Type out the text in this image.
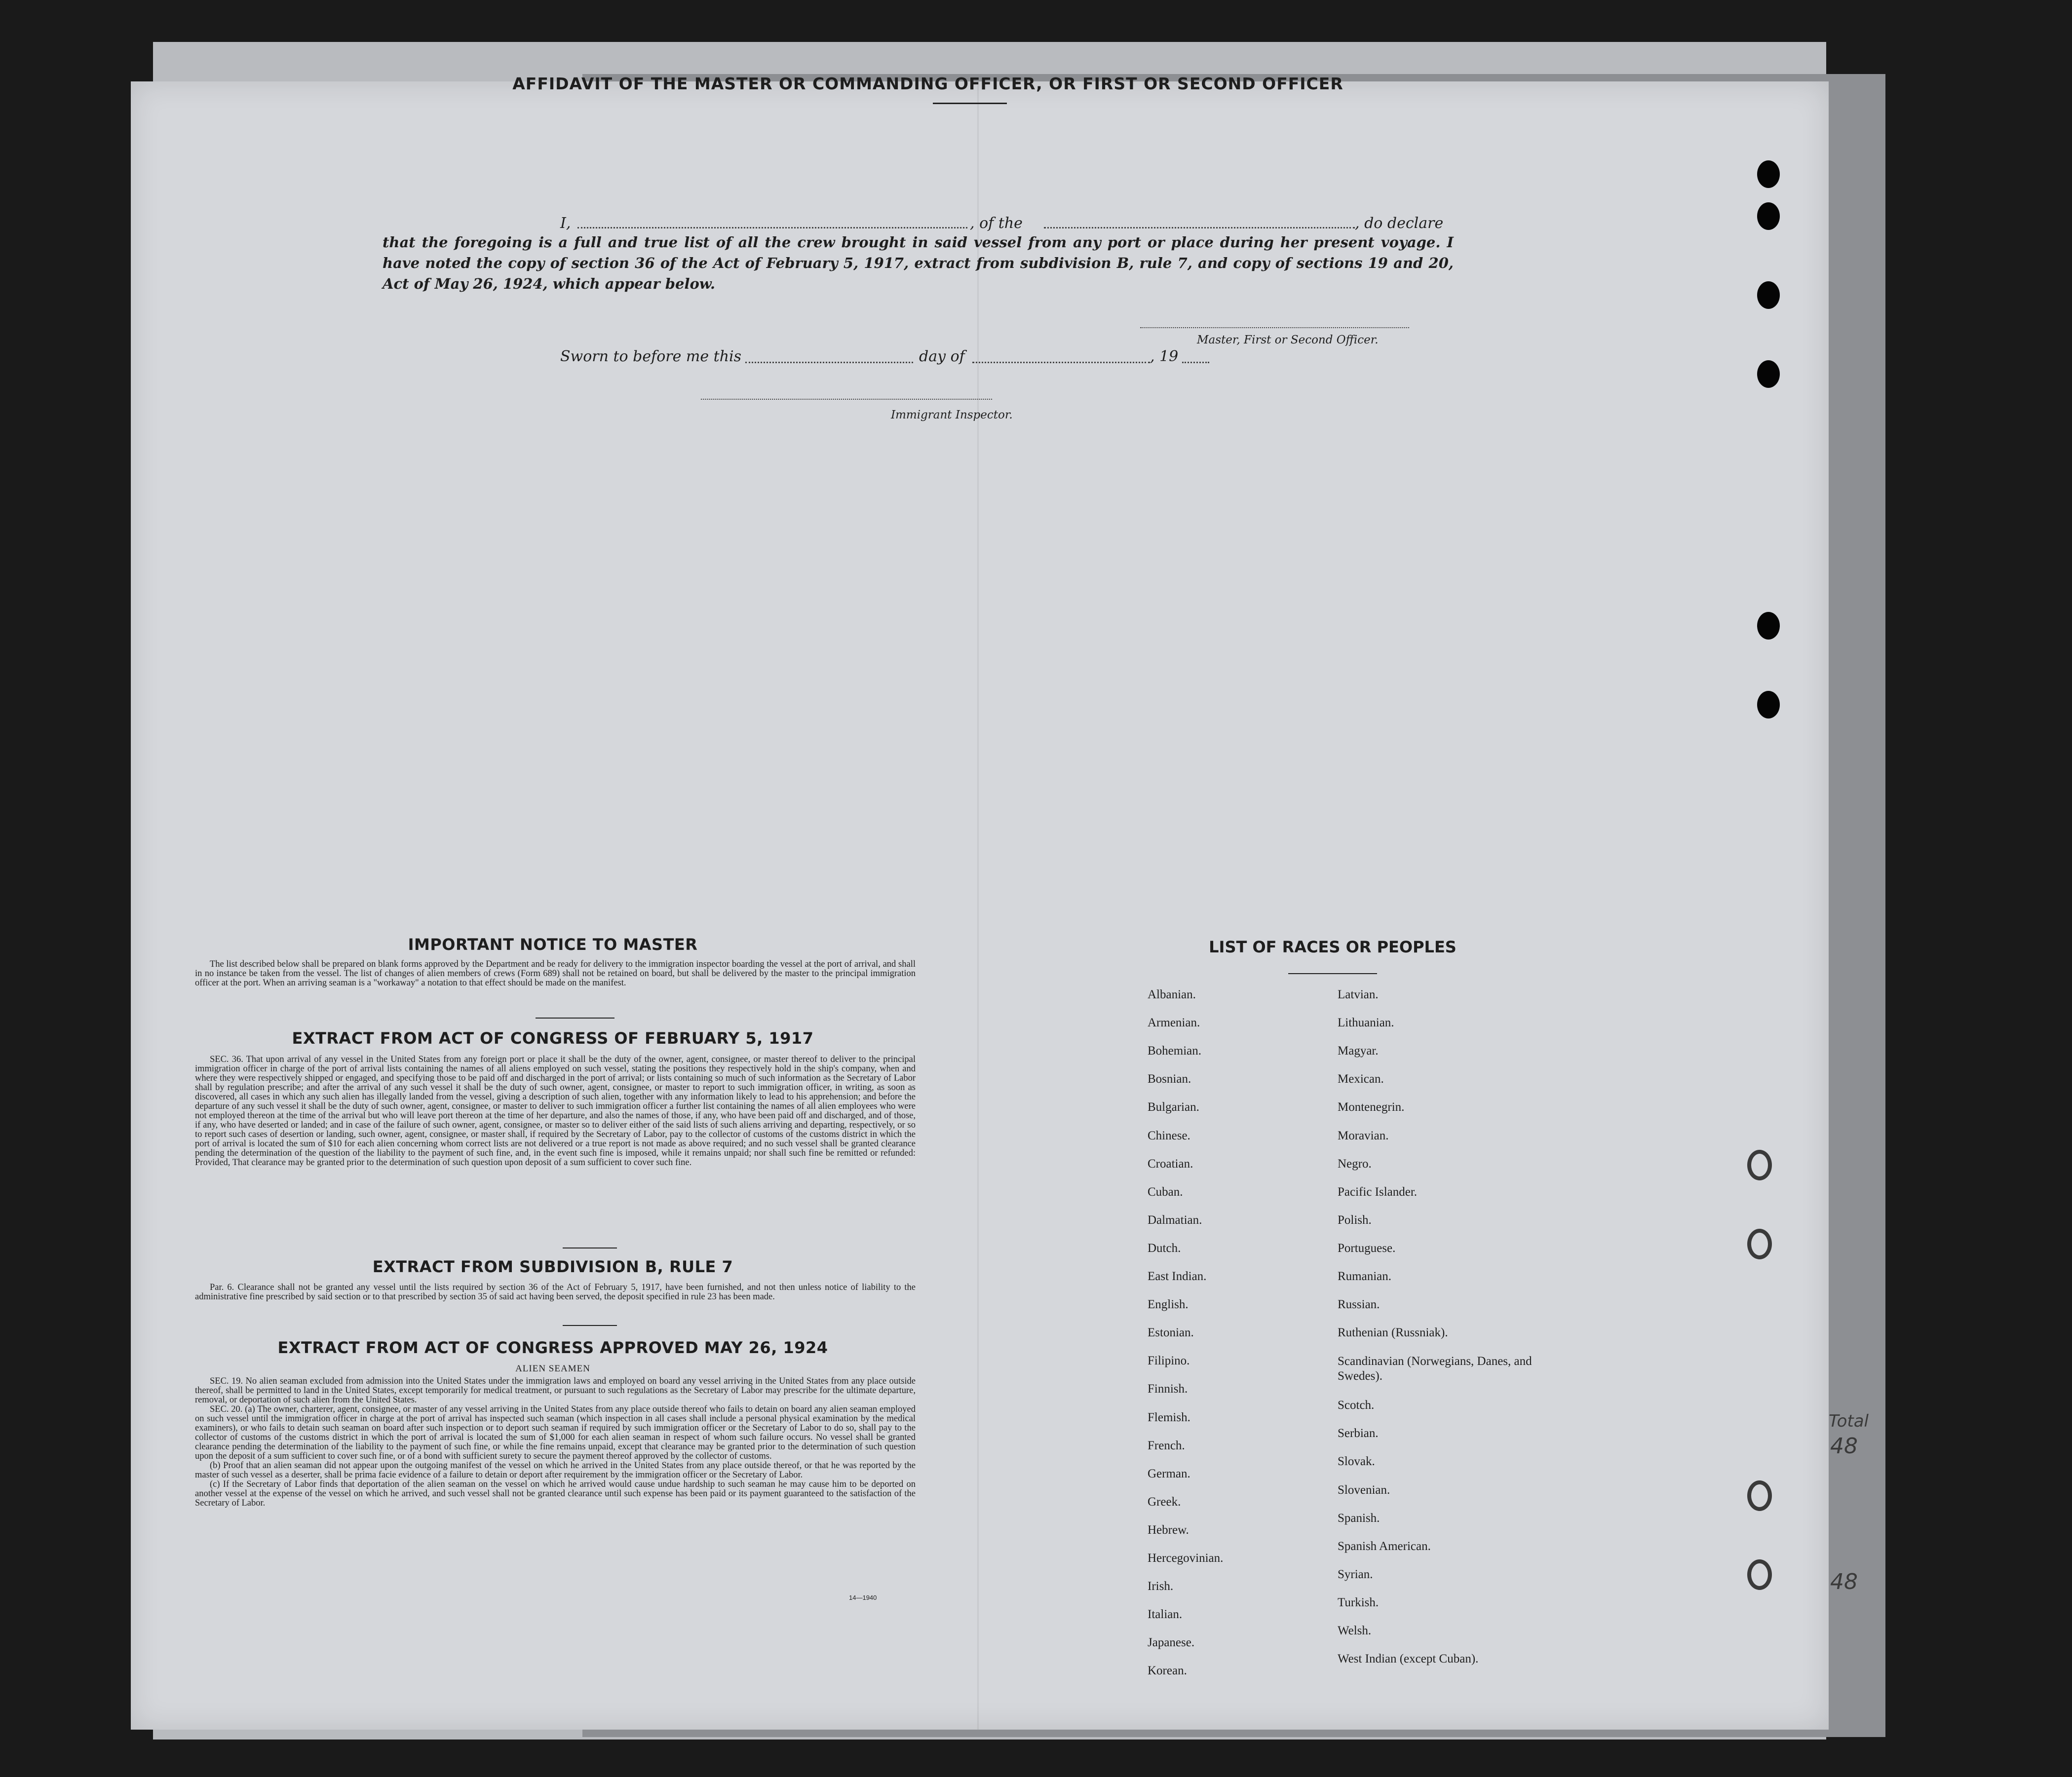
Total
48
48
AFFIDAVIT OF THE MASTER OR COMMANDING OFFICER, OR FIRST OR SECOND OFFICER
I,	, of the	, do declare
that the foregoing is a full and true list of all the crew brought in said vessel from any port or place during her present voyage. I have noted the copy of section 36 of the Act of February 5, 1917, extract from subdivision B, rule 7, and copy of sections 19 and 20, Act of May 26, 1924, which appear below.
Master, First or Second Officer.
Sworn to before me this	day of	, 19
Immigrant Inspector.
IMPORTANT NOTICE TO MASTER

The list described below shall be prepared on blank forms approved by the Department and be ready for delivery to the immigration inspector boarding the vessel at the port of arrival, and shall in no instance be taken from the vessel. The list of changes of alien members of crews (Form 689) shall not be retained on board, but shall be delivered by the master to the principal immigration officer at the port. When an arriving seaman is a "workaway" a notation to that effect should be made on the manifest.

EXTRACT FROM ACT OF CONGRESS OF FEBRUARY 5, 1917

SEC. 36. That upon arrival of any vessel in the United States from any foreign port or place it shall be the duty of the owner, agent, consignee, or master thereof to deliver to the principal immigration officer in charge of the port of arrival lists containing the names of all aliens employed on such vessel, stating the positions they respectively hold in the ship's company, when and where they were respectively shipped or engaged, and specifying those to be paid off and discharged in the port of arrival; or lists containing so much of such information as the Secretary of Labor shall by regulation prescribe; and after the arrival of any such vessel it shall be the duty of such owner, agent, consignee, or master to report to such immigration officer, in writing, as soon as discovered, all cases in which any such alien has illegally landed from the vessel, giving a description of such alien, together with any information likely to lead to his apprehension; and before the departure of any such vessel it shall be the duty of such owner, agent, consignee, or master to deliver to such immigration officer a further list containing the names of all alien employees who were not employed thereon at the time of the arrival but who will leave port thereon at the time of her departure, and also the names of those, if any, who have been paid off and discharged, and of those, if any, who have deserted or landed; and in case of the failure of such owner, agent, consignee, or master so to deliver either of the said lists of such aliens arriving and departing, respectively, or so to report such cases of desertion or landing, such owner, agent, consignee, or master shall, if required by the Secretary of Labor, pay to the collector of customs of the customs district in which the port of arrival is located the sum of $10 for each alien concerning whom correct lists are not delivered or a true report is not made as above required; and no such vessel shall be granted clearance pending the determination of the question of the liability to the payment of such fine, and, in the event such fine is imposed, while it remains unpaid; nor shall such fine be remitted or refunded: Provided, That clearance may be granted prior to the determination of such question upon deposit of a sum sufficient to cover such fine.

EXTRACT FROM SUBDIVISION B, RULE 7

Par. 6. Clearance shall not be granted any vessel until the lists required by section 36 of the Act of February 5, 1917, have been furnished, and not then unless notice of liability to the administrative fine prescribed by said section or to that prescribed by section 35 of said act having been served, the deposit specified in rule 23 has been made.

EXTRACT FROM ACT OF CONGRESS APPROVED MAY 26, 1924
ALIEN SEAMEN

SEC. 19. No alien seaman excluded from admission into the United States under the immigration laws and employed on board any vessel arriving in the United States from any place outside thereof, shall be permitted to land in the United States, except temporarily for medical treatment, or pursuant to such regulations as the Secretary of Labor may prescribe for the ultimate departure, removal, or deportation of such alien from the United States.

SEC. 20. (a) The owner, charterer, agent, consignee, or master of any vessel arriving in the United States from any place outside thereof who fails to detain on board any alien seaman employed on such vessel until the immigration officer in charge at the port of arrival has inspected such seaman (which inspection in all cases shall include a personal physical examination by the medical examiners), or who fails to detain such seaman on board after such inspection or to deport such seaman if required by such immigration officer or the Secretary of Labor to do so, shall pay to the collector of customs of the customs district in which the port of arrival is located the sum of $1,000 for each alien seaman in respect of whom such failure occurs. No vessel shall be granted clearance pending the determination of the liability to the payment of such fine, or while the fine remains unpaid, except that clearance may be granted prior to the determination of such question upon the deposit of a sum sufficient to cover such fine, or of a bond with sufficient surety to secure the payment thereof approved by the collector of customs.

(b) Proof that an alien seaman did not appear upon the outgoing manifest of the vessel on which he arrived in the United States from any place outside thereof, or that he was reported by the master of such vessel as a deserter, shall be prima facie evidence of a failure to detain or deport after requirement by the immigration officer or the Secretary of Labor.

(c) If the Secretary of Labor finds that deportation of the alien seaman on the vessel on which he arrived would cause undue hardship to such seaman he may cause him to be deported on another vessel at the expense of the vessel on which he arrived, and such vessel shall not be granted clearance until such expense has been paid or its payment guaranteed to the satisfaction of the Secretary of Labor.

14—1940
LIST OF RACES OR PEOPLES
Albanian.
Armenian.
Bohemian.
Bosnian.
Bulgarian.
Chinese.
Croatian.
Cuban.
Dalmatian.
Dutch.
East Indian.
English.
Estonian.
Filipino.
Finnish.
Flemish.
French.
German.
Greek.
Hebrew.
Hercegovinian.
Irish.
Italian.
Japanese.
Korean.
Latvian.
Lithuanian.
Magyar.
Mexican.
Montenegrin.
Moravian.
Negro.
Pacific Islander.
Polish.
Portuguese.
Rumanian.
Russian.
Ruthenian (Russniak).
Scandinavian (Norwegians, Danes, and Swedes).
Scotch.
Serbian.
Slovak.
Slovenian.
Spanish.
Spanish American.
Syrian.
Turkish.
Welsh.
West Indian (except Cuban).
